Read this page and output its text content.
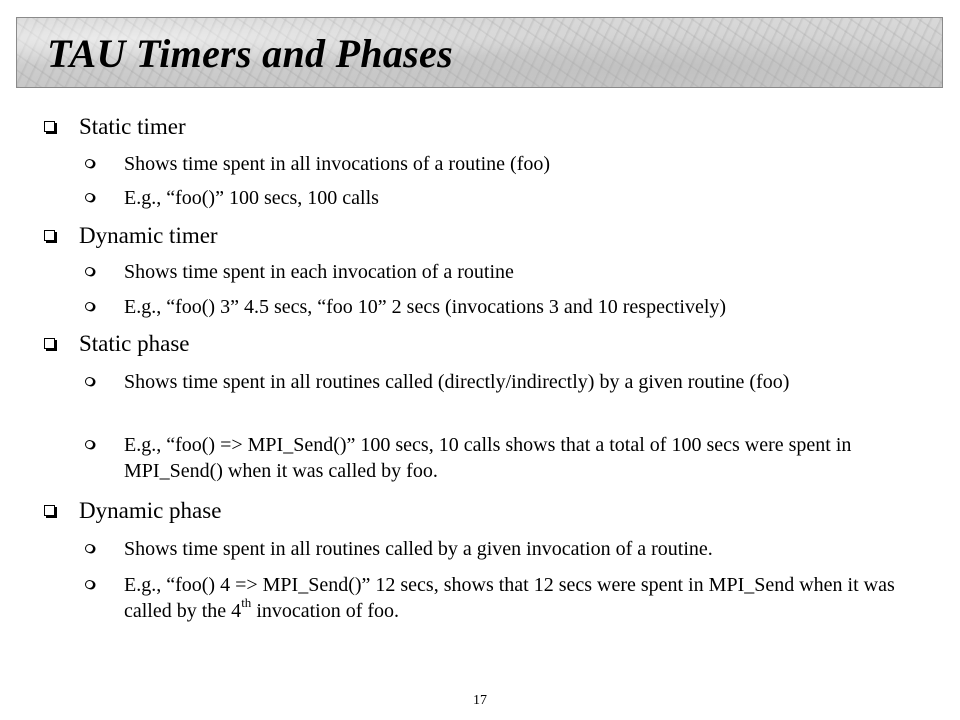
TAU Timers and Phases
Static timer
Shows time spent in all invocations of a routine (foo)
E.g., “foo()” 100 secs, 100 calls
Dynamic timer
Shows time spent in each invocation of a routine
E.g., “foo() 3” 4.5 secs, “foo 10” 2 secs (invocations 3 and 10 respectively)
Static phase
Shows time spent in all routines called (directly/indirectly) by a given routine (foo)
E.g., “foo() => MPI_Send()” 100 secs, 10 calls shows that a total of 100 secs were spent in MPI_Send() when it was called by foo.
Dynamic phase
Shows time spent in all routines called by a given invocation of a routine.
E.g., “foo() 4 => MPI_Send()” 12 secs, shows that 12 secs were spent in MPI_Send when it was called by the 4th invocation of foo.
17
